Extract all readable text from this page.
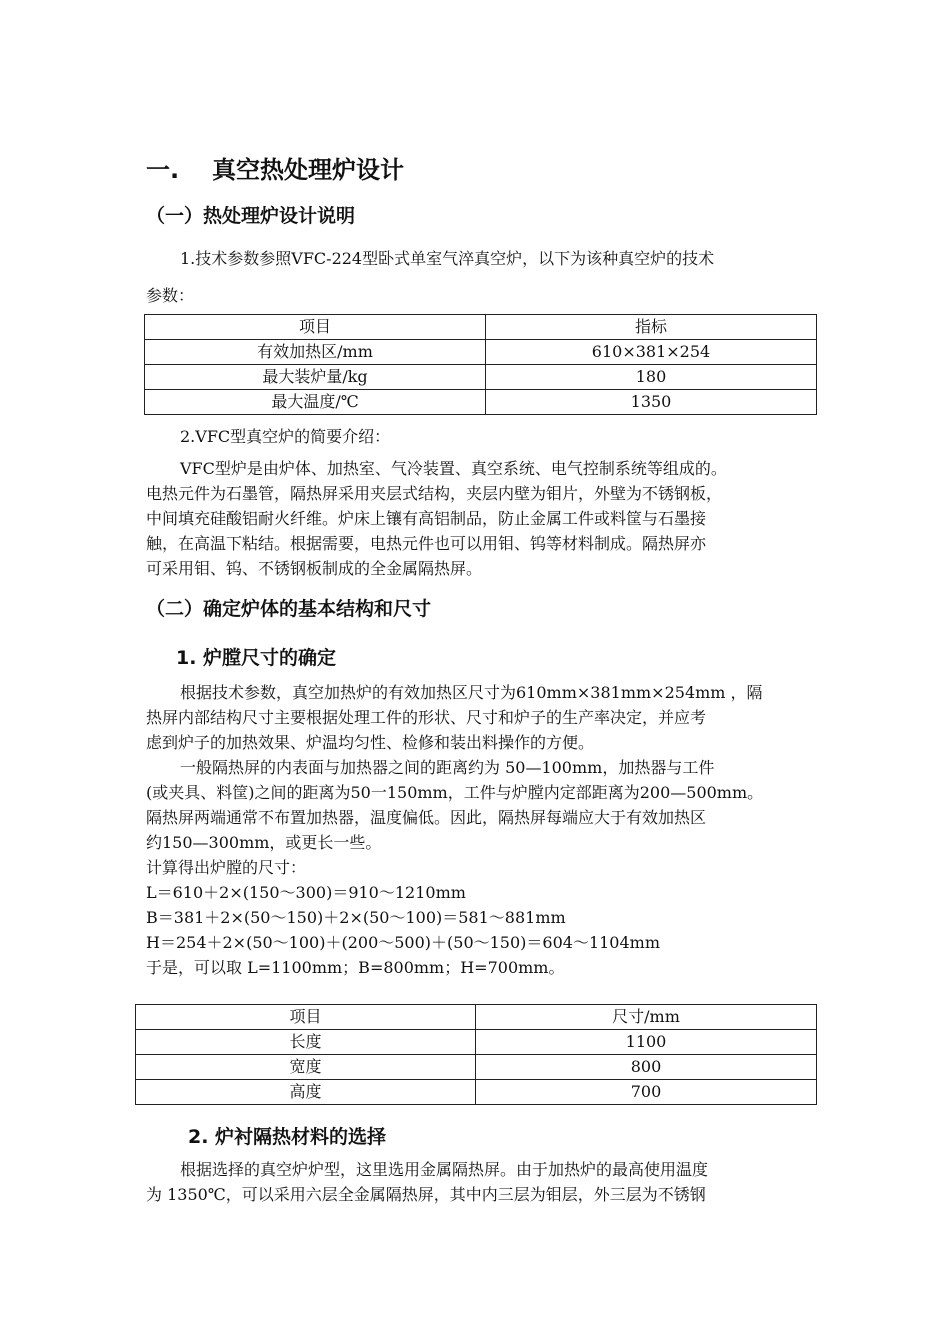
一. 真空热处理炉设计
（一）热处理炉设计说明
1.技术参数参照VFC-224型卧式单室气淬真空炉，以下为该种真空炉的技术
参数：
项目	指标
有效加热区/mm	610×381×254
最大装炉量/kg	180
最大温度/℃	1350
2.VFC型真空炉的简要介绍：
VFC型炉是由炉体、加热室、气冷装置、真空系统、电气控制系统等组成的。
电热元件为石墨管，隔热屏采用夹层式结构，夹层内壁为钼片，外壁为不锈钢板，
中间填充硅酸铝耐火纤维。炉床上镶有高铝制品，防止金属工件或料筐与石墨接
触，在高温下粘结。根据需要，电热元件也可以用钼、钨等材料制成。隔热屏亦
可采用钼、钨、不锈钢板制成的全金属隔热屏。
（二）确定炉体的基本结构和尺寸
1. 炉膛尺寸的确定
根据技术参数，真空加热炉的有效加热区尺寸为610mm×381mm×254mm ，隔
热屏内部结构尺寸主要根据处理工件的形状、尺寸和炉子的生产率决定，并应考
虑到炉子的加热效果、炉温均匀性、检修和装出料操作的方便。
一般隔热屏的内表面与加热器之间的距离约为 50—100mm，加热器与工件
(或夹具、料筐)之间的距离为50一150mm，工件与炉膛内定部距离为200—500mm。
隔热屏两端通常不布置加热器，温度偏低。因此，隔热屏每端应大于有效加热区
约150—300mm，或更长一些。
计算得出炉膛的尺寸：
L＝610＋2×(150～300)＝910～1210mm
B＝381＋2×(50～150)＋2×(50～100)＝581～881mm
H＝254＋2×(50～100)＋(200～500)＋(50～150)＝604～1104mm
于是，可以取 L=1100mm；B=800mm；H=700mm。
项目	尺寸/mm
长度	1100
宽度	800
高度	700
2. 炉衬隔热材料的选择
根据选择的真空炉炉型，这里选用金属隔热屏。由于加热炉的最高使用温度
为 1350℃，可以采用六层全金属隔热屏，其中内三层为钼层，外三层为不锈钢
